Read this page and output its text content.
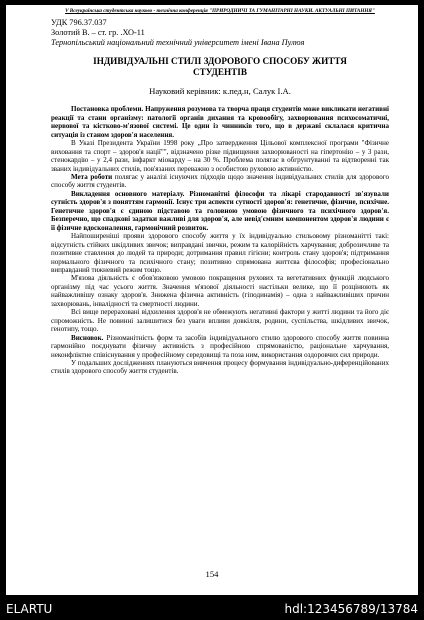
V Всеукраїнська студентська науково - технічна конференція "ПРИРОДНИЧІ ТА ГУМАНІТАРНІ НАУКИ. АКТУАЛЬНІ ПИТАННЯ"
УДК 796.37.037
Золотий В. – ст. гр. .ХО-11
Тернопільський національний технічний університет імені Івана Пулюя
ІНДИВІДУАЛЬНІ СТИЛІ ЗДОРОВОГО СПОСОБУ ЖИТТЯ СТУДЕНТІВ
Науковий керівник: к.пед.н, Салук І.А.

Постановка проблеми. Напруження розумова та творча праця студентів може викликати негативні реакції та стани організму: патології органів дихання та кровообігу, захворювання психосоматичні, нервової та кістково-м'язової системі. Це один із чинників того, що в державі склалася критична ситуація із станом здоров'я населення.

В Указі Президента України 1998 року „Про затвердження Цільової комплексної програми "Фізичне виховання та спорт – здоров'я нації"", відзначено різке підвищення захворюваності на гіпертонію – у 3 рази, стенокардію – у 2,4 рази, інфаркт міокарду – на 30 %. Проблема полягає в обгрунтуванні та відтворенні так званих індивідуальних стилів, пов'язаних переважно з особистою руховою активністю.

Мета роботи полягає у аналізі існуючих підходів щодо значення індивідуальних стилів для здорового способу життя студентів.

Викладення основного матеріалу. Різноманітні філософи та лікарі стародавності зв'язували сутність здоров'я з поняттям гармонії. Існує три аспекти сутності здоров'я: генетичне, фізичне, психічне. Генетичне здоров'я є єдиною підставою та головною умовою фізичного та психічного здоров'я. Безперечно, що спадкові задатки важливі для здоров'я, але невід'ємним компонентом здоров'я людини є її фізичне вдосконалення, гармонічний розвиток.

Найпоширеніші прояви здорового способу життя у їх індивідуально стильовому різноманітті такі: відсутність стійких шкідливих звичок; виправдані звички, режим та калорійність харчування; доброзичливе та позитивне ставлення до людей та природи; дотримання правил гігієни; контроль стану здоров'я; підтримання нормального фізичного та психічного стану; позитивно спрямована життєва філософія; професіонально виправданий тижневий режим тощо.

М'язова діяльність є обов'язковою умовою покращення рухових та вегетативних функцій людського організму під час усього життя. Значення м'язової діяльності настільки велике, що її розцінюють як найважливішу ознаку здоров'я. Знижена фізична активність (гіподинамія) – одна з найважливіших причин захворювань, інвалідності та смертності людини.

Всі вище перераховані відхилення здоров'я не обмежують негативні фактори у житті людини та його діє спроможність. Не повинні залишитися без уваги впливи довкілля, родини, суспільства, шкідливих звичок, генотипу, тощо.

Висновок. Різноманітність форм та засобів індивідуального стилю здорового способу життя повинна гармонійно поєднувати фізичну активність з професійною спрямованістю, раціональне харчування, неконфліктне співіснування у професійному середовищі та поза ним, використання оздоровчих сил природи.

У подальших дослідженнях плануються вивчення процесу формування індивідуально-диференційованих стилів здорового способу життя студентів.

154
ELARTU	hdl:123456789/13784
